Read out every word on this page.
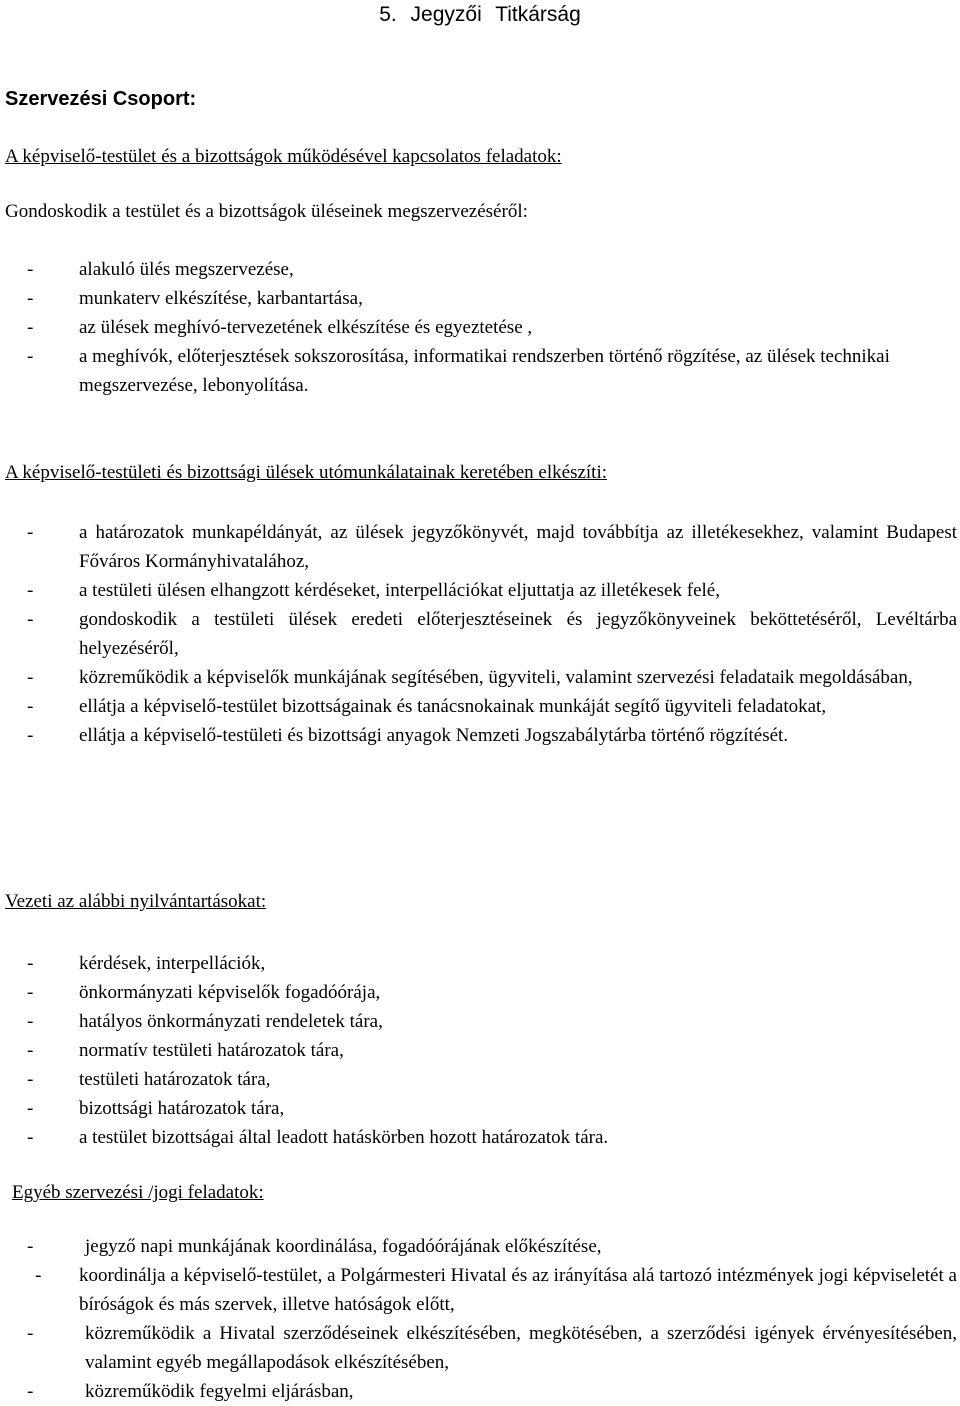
5. Jegyzői Titkárság
Szervezési Csoport:

A képviselő-testület és a bizottságok működésével kapcsolatos feladatok:

Gondoskodik a testület és a bizottságok üléseinek megszervezéséről:

- alakuló ülés megszervezése,
- munkaterv elkészítése, karbantartása,
- az ülések meghívó-tervezetének elkészítése és egyeztetése ,
- a meghívók, előterjesztések sokszorosítása, informatikai rendszerben történő rögzítése, az ülések technikai megszervezése, lebonyolítása.

A képviselő-testületi és bizottsági ülések utómunkálatainak keretében elkészíti:

- a határozatok munkapéldányát, az ülések jegyzőkönyvét, majd továbbítja az illetékesekhez, valamint Budapest Főváros Kormányhivatalához,
- a testületi ülésen elhangzott kérdéseket, interpellációkat eljuttatja az illetékesek felé,
- gondoskodik a testületi ülések eredeti előterjesztéseinek és jegyzőkönyveinek beköttetéséről, Levéltárba helyezéséről,
- közreműködik a képviselők munkájának segítésében, ügyviteli, valamint szervezési feladataik megoldásában,
- ellátja a képviselő-testület bizottságainak és tanácsnokainak munkáját segítő ügyviteli feladatokat,
- ellátja a képviselő-testületi és bizottsági anyagok Nemzeti Jogszabálytárba történő rögzítését.

Vezeti az alábbi nyilvántartásokat:

- kérdések, interpellációk,
- önkormányzati képviselők fogadóórája,
- hatályos önkormányzati rendeletek tára,
- normatív testületi határozatok tára,
- testületi határozatok tára,
- bizottsági határozatok tára,
- a testület bizottságai által leadott hatáskörben hozott határozatok tára.

Egyéb szervezési /jogi feladatok:

-	jegyző napi munkájának koordinálása, fogadóórájának előkészítése,
- koordinálja a képviselő-testület, a Polgármesteri Hivatal és az irányítása alá tartozó intézmények jogi képviseletét a bíróságok és más szervek, illetve hatóságok előtt,
-	közreműködik a Hivatal szerződéseinek elkészítésében, megkötésében, a szerződési igények érvényesítésében, valamint egyéb megállapodások elkészítésében,
-	közreműködik fegyelmi eljárásban,
